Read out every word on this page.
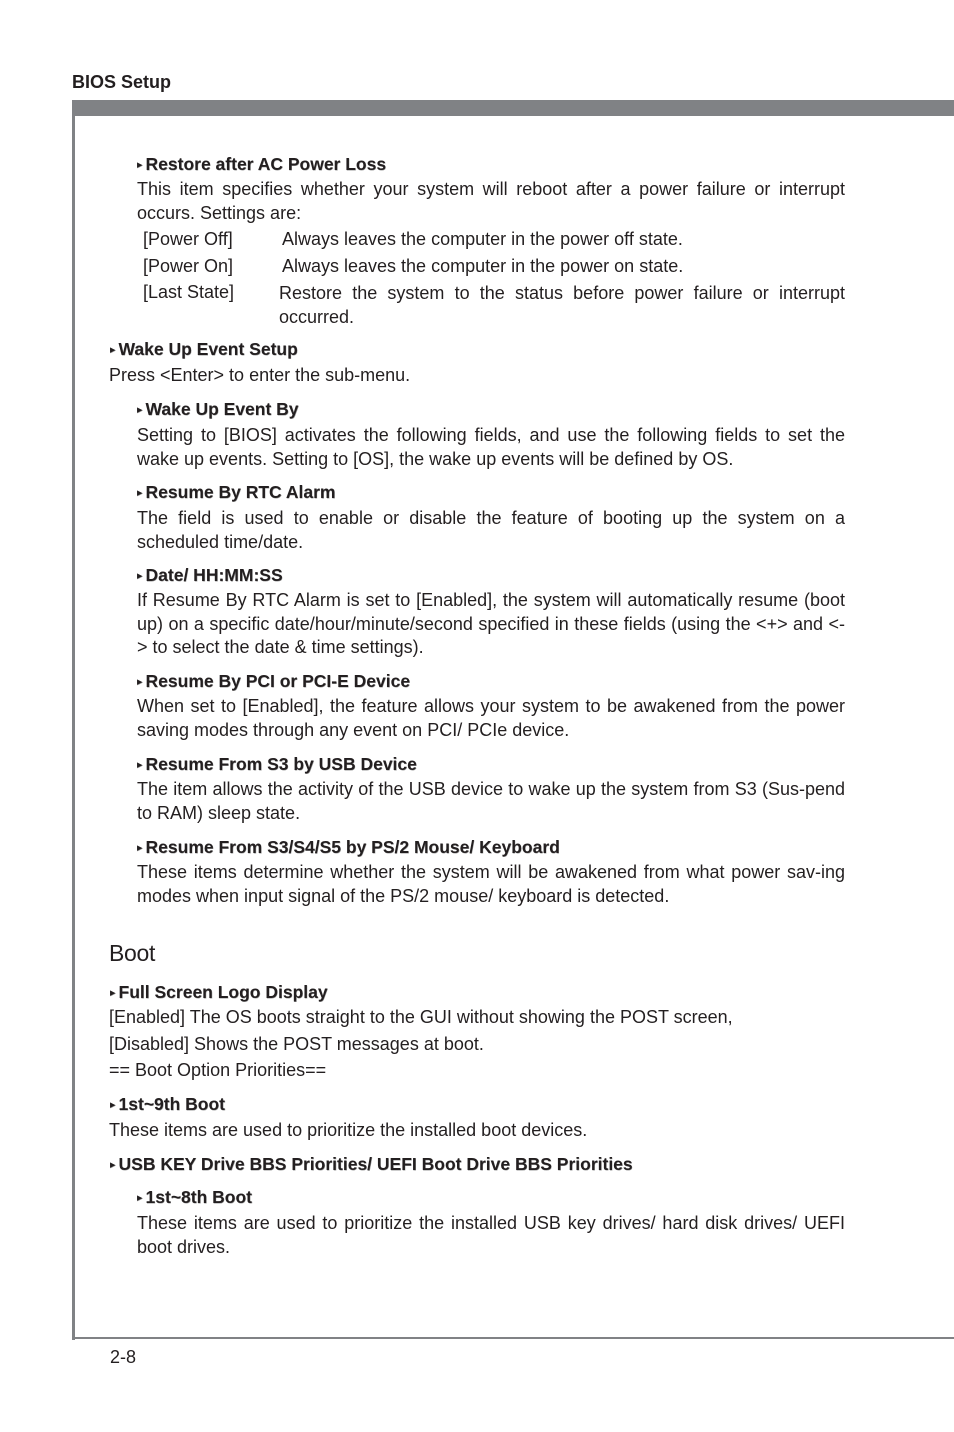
BIOS Setup
2-8
▸ Restore after AC Power Loss
This item specifies whether your system will reboot after a power failure or interrupt occurs. Settings are:
[Power Off]	Always leaves the computer in the power off state.
[Power On]	Always leaves the computer in the power on state.
[Last State] Restore the system to the status before power failure or interrupt occurred.
▸ Wake Up Event Setup
Press <Enter> to enter the sub-menu.
▸ Wake Up Event By
Setting to [BIOS] activates the following fields, and use the following fields to set the wake up events. Setting to [OS], the wake up events will be defined by OS.
▸ Resume By RTC Alarm
The field is used to enable or disable the feature of booting up the system on a scheduled time/date.
▸ Date/ HH:MM:SS
If Resume By RTC Alarm is set to [Enabled], the system will automatically resume (boot up) on a specific date/hour/minute/second specified in these fields (using the <+> and <-> to select the date & time settings).
▸ Resume By PCI or PCI-E Device
When set to [Enabled], the feature allows your system to be awakened from the power saving modes through any event on PCI/ PCIe device.
▸ Resume From S3 by USB Device
The item allows the activity of the USB device to wake up the system from S3 (Sus-pend to RAM) sleep state.
▸ Resume From S3/S4/S5 by PS/2 Mouse/ Keyboard
These items determine whether the system will be awakened from what power sav-ing modes when input signal of the PS/2 mouse/ keyboard is detected.
Boot
▸ Full Screen Logo Display
[Enabled] The OS boots straight to the GUI without showing the POST screen,
[Disabled] Shows the POST messages at boot.
== Boot Option Priorities==
▸ 1st~9th Boot
These items are used to prioritize the installed boot devices.
▸ USB KEY Drive BBS Priorities/ UEFI Boot Drive BBS Priorities
▸ 1st~8th Boot
These items are used to prioritize the installed USB key drives/ hard disk drives/ UEFI boot drives.
